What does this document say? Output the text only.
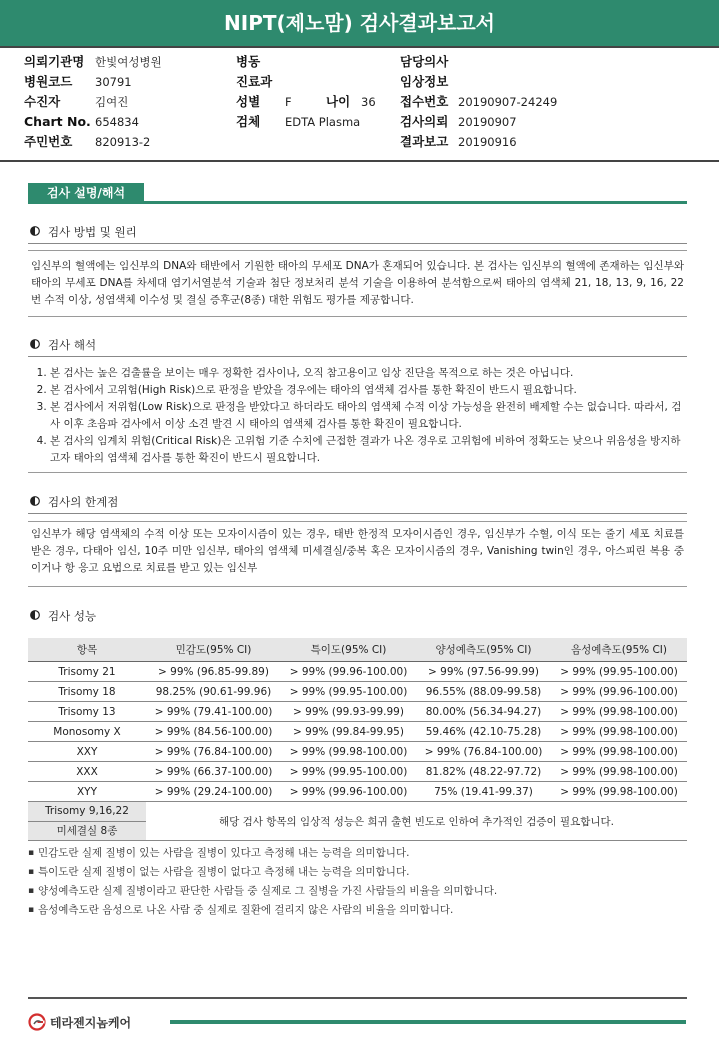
NIPT(제노맘) 검사결과보고서
의뢰기관명 한빛여성병원	병동	담당의사
병원코드 30791	진료과	임상정보
수진자	김여진	성별 F	나이 36 접수번호 20190907-24249
Chart No. 654834	검체 EDTA Plasma	검사의뢰 20190907
주민번호 820913-2	결과보고 20190916
검사 설명/해석
검사 방법 및 원리
임신부의 혈액에는 임신부의 DNA와 태반에서 기원한 태아의 무세포 DNA가 혼재되어 있습니다. 본 검사는 임신부의 혈액에 존재하는 임신부와 태아의 무세포 DNA를 차세대 염기서열분석 기술과 첨단 정보처리 분석 기술을 이용하여 분석함으로써 태아의 염색체 21, 18, 13, 9, 16, 22번 수적 이상, 성염색체 이수성 및 결실 증후군(8종) 대한 위험도 평가를 제공합니다.
검사 해석
1. 본 검사는 높은 검출률을 보이는 매우 정확한 검사이나, 오직 참고용이고 임상 진단을 목적으로 하는 것은 아닙니다.
2. 본 검사에서 고위험(High Risk)으로 판정을 받았을 경우에는 태아의 염색체 검사를 통한 확진이 반드시 필요합니다.
3. 본 검사에서 저위험(Low Risk)으로 판정을 받았다고 하더라도 태아의 염색체 수적 이상 가능성을 완전히 배제할 수는 없습니다. 따라서, 검사 이후 초음파 검사에서 이상 소견 발견 시 태아의 염색체 검사를 통한 확진이 필요합니다.
4. 본 검사의 임계치 위험(Critical Risk)은 고위험 기준 수치에 근접한 결과가 나온 경우로 고위험에 비하여 정확도는 낮으나 위음성을 방지하고자 태아의 염색체 검사를 통한 확진이 반드시 필요합니다.
검사의 한계점
임신부가 해당 염색체의 수적 이상 또는 모자이시즘이 있는 경우, 태반 한정적 모자이시즘인 경우, 임신부가 수혈, 이식 또는 줄기 세포 치료를 받은 경우, 다태아 임신, 10주 미만 임신부, 태아의 염색체 미세결실/중복 혹은 모자이시즘의 경우, Vanishing twin인 경우, 아스피린 복용 중이거나 항 응고 요법으로 치료를 받고 있는 임신부
검사 성능
항목	민감도(95% CI)	특이도(95% CI)	양성예측도(95% CI)	음성예측도(95% CI)
Trisomy 21	> 99% (96.85-99.89)	> 99% (99.96-100.00)	> 99% (97.56-99.99)	> 99% (99.95-100.00)
Trisomy 18	98.25% (90.61-99.96)	> 99% (99.95-100.00)	96.55% (88.09-99.58)	> 99% (99.96-100.00)
Trisomy 13	> 99% (79.41-100.00)	> 99% (99.93-99.99)	80.00% (56.34-94.27)	> 99% (99.98-100.00)
Monosomy X	> 99% (84.56-100.00)	> 99% (99.84-99.95)	59.46% (42.10-75.28)	> 99% (99.98-100.00)
XXY	> 99% (76.84-100.00)	> 99% (99.98-100.00)	> 99% (76.84-100.00)	> 99% (99.98-100.00)
XXX	> 99% (66.37-100.00)	> 99% (99.95-100.00)	81.82% (48.22-97.72)	> 99% (99.98-100.00)
XYY	> 99% (29.24-100.00)	> 99% (99.96-100.00)	75% (19.41-99.37)	> 99% (99.98-100.00)

Trisomy 9,16,22
미세결실 8종	해당 검사 항목의 임상적 성능은 희귀 출현 빈도로 인하여 추가적인 검증이 필요합니다.			
▪ 민감도란 실제 질병이 있는 사람을 질병이 있다고 측정해 내는 능력을 의미합니다.
▪ 특이도란 실제 질병이 없는 사람을 질병이 없다고 측정해 내는 능력을 의미합니다.
▪ 양성예측도란 실제 질병이라고 판단한 사람들 중 실제로 그 질병을 가진 사람들의 비율을 의미합니다.
▪ 음성예측도란 음성으로 나온 사람 중 실제로 질환에 걸리지 않은 사람의 비율을 의미합니다.
테라젠지놈케어
